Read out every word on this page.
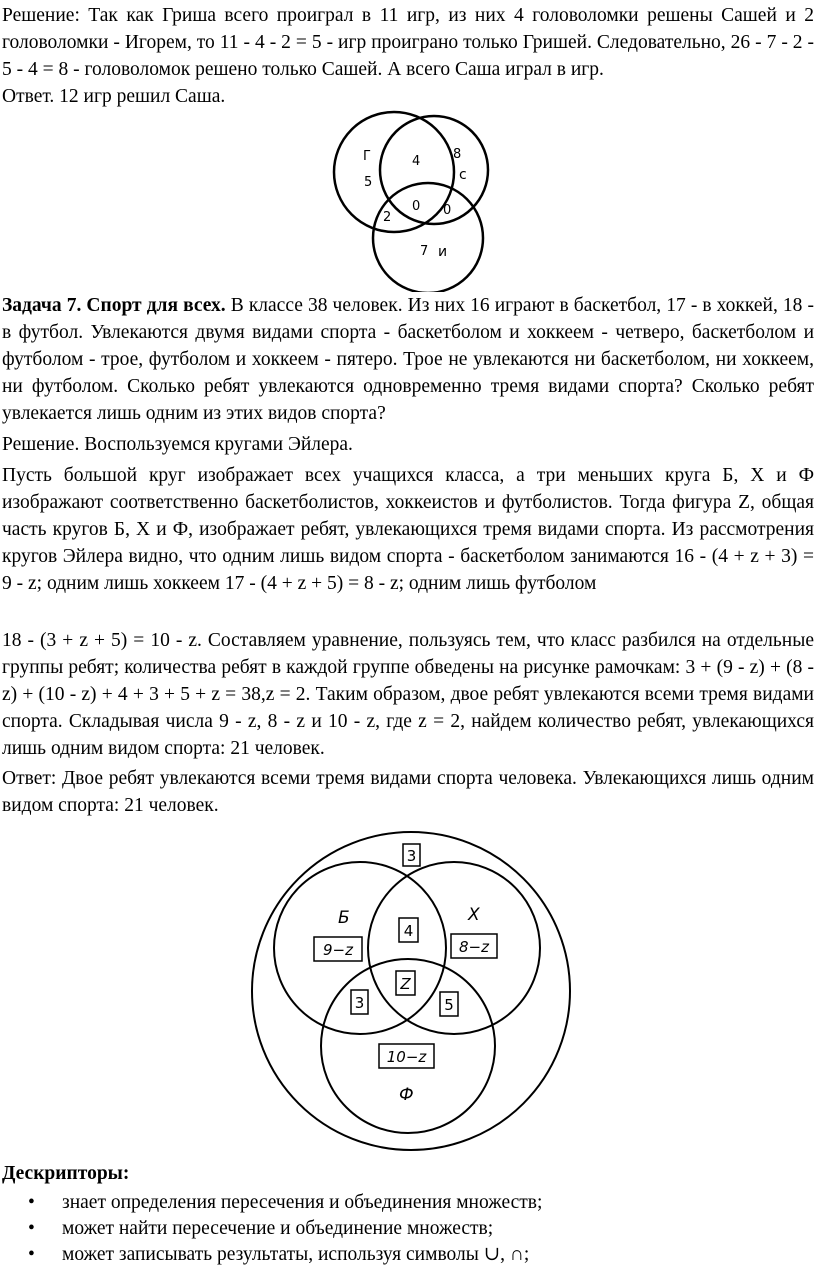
Решение: Так как Гриша всего проиграл в 11 игр, из них 4 головоломки решены Сашей и 2 головоломки - Игорем, то 11 - 4 - 2 = 5 - игр проиграно только Гришей. Следовательно, 26 - 7 - 2 - 5 - 4 = 8 - головоломок решено только Сашей. А всего Саша играл в игр.
Ответ. 12 игр решил Саша.
Г	4	8
с
5
2
0 0
7 и
Задача 7. Спорт для всех. В классе 38 человек. Из них 16 играют в баскетбол, 17 - в хоккей, 18 - в футбол. Увлекаются двумя видами спорта - баскетболом и хоккеем - четверо, баскетболом и футболом - трое, футболом и хоккеем - пятеро. Трое не увлекаются ни баскетболом, ни хоккеем, ни футболом. Сколько ребят увлекаются одновременно тремя видами спорта? Сколько ребят увлекается лишь одним из этих видов спорта?
Решение. Воспользуемся кругами Эйлера.
Пусть большой круг изображает всех учащихся класса, а три меньших круга Б, Х и Ф изображают соответственно баскетболистов, хоккеистов и футболистов. Тогда фигура Z, общая часть кругов Б, Х и Ф, изображает ребят, увлекающихся тремя видами спорта. Из рассмотрения кругов Эйлера видно, что одним лишь видом спорта - баскетболом занимаются 16 - (4 + z + 3) = 9 - z; одним лишь хоккеем 17 - (4 + z + 5) = 8 - z; одним лишь футболом
18 - (3 + z + 5) = 10 - z. Составляем уравнение, пользуясь тем, что класс разбился на отдельные группы ребят; количества ребят в каждой группе обведены на рисунке рамочкам: 3 + (9 - z) + (8 - z) + (10 - z) + 4 + 3 + 5 + z = 38,z = 2. Таким образом, двое ребят увлекаются всеми тремя видами спорта. Складывая числа 9 - z, 8 - z и 10 - z, где z = 2, найдем количество ребят, увлекающихся лишь одним видом спорта: 21 человек.
Ответ: Двое ребят увлекаются всеми тремя видами спорта человека. Увлекающихся лишь одним видом спорта: 21 человек.
3
Б	Х
Ф
9−z	8−z
10−z
4
3	5
Z
Дескрипторы:
• знает определения пересечения и объединения множеств;
• может найти пересечение и объединение множеств;
• может записывать результаты, используя символы ∪, ∩;
